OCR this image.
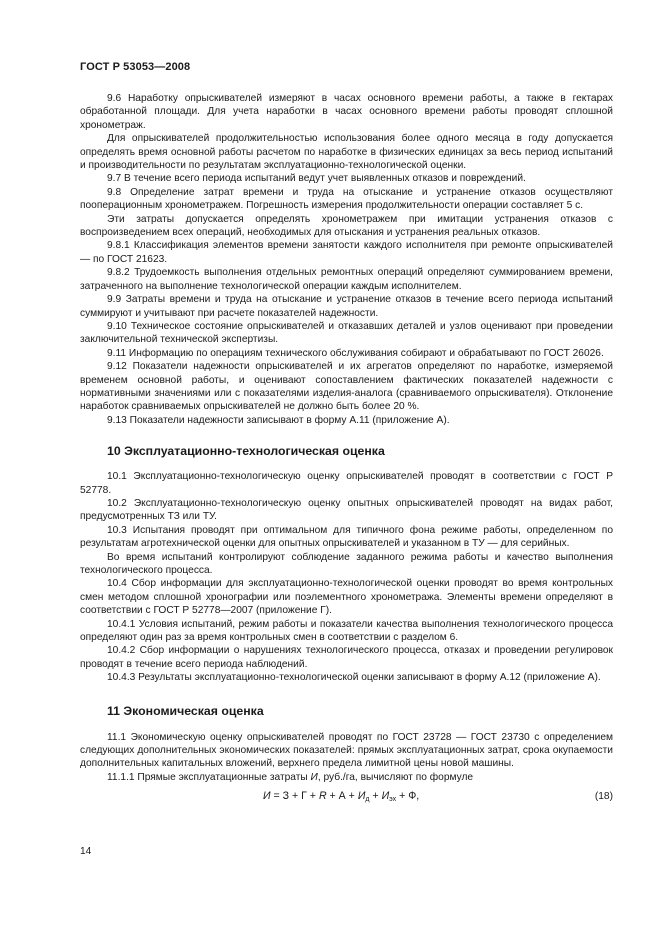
ГОСТ Р 53053—2008

9.6 Наработку опрыскивателей измеряют в часах основного времени работы, а также в гектарах обработанной площади. Для учета наработки в часах основного времени работы проводят сплошной хронометраж.

Для опрыскивателей продолжительностью использования более одного месяца в году допускается определять время основной работы расчетом по наработке в физических единицах за весь период испытаний и производительности по результатам эксплуатационно-технологической оценки.

9.7 В течение всего периода испытаний ведут учет выявленных отказов и повреждений.

9.8 Определение затрат времени и труда на отыскание и устранение отказов осуществляют пооперационным хронометражем. Погрешность измерения продолжительности операции составляет 5 с.

Эти затраты допускается определять хронометражем при имитации устранения отказов с воспроизведением всех операций, необходимых для отыскания и устранения реальных отказов.

9.8.1 Классификация элементов времени занятости каждого исполнителя при ремонте опрыскивателей — по ГОСТ 21623.

9.8.2 Трудоемкость выполнения отдельных ремонтных операций определяют суммированием времени, затраченного на выполнение технологической операции каждым исполнителем.

9.9 Затраты времени и труда на отыскание и устранение отказов в течение всего периода испытаний суммируют и учитывают при расчете показателей надежности.

9.10 Техническое состояние опрыскивателей и отказавших деталей и узлов оценивают при проведении заключительной технической экспертизы.

9.11 Информацию по операциям технического обслуживания собирают и обрабатывают по ГОСТ 26026.

9.12 Показатели надежности опрыскивателей и их агрегатов определяют по наработке, измеряемой временем основной работы, и оценивают сопоставлением фактических показателей надежности с нормативными значениями или с показателями изделия-аналога (сравниваемого опрыскивателя). Отклонение наработок сравниваемых опрыскивателей не должно быть более 20 %.

9.13 Показатели надежности записывают в форму А.11 (приложение А).

10 Эксплуатационно-технологическая оценка

10.1 Эксплуатационно-технологическую оценку опрыскивателей проводят в соответствии с ГОСТ Р 52778.

10.2 Эксплуатационно-технологическую оценку опытных опрыскивателей проводят на видах работ, предусмотренных ТЗ или ТУ.

10.3 Испытания проводят при оптимальном для типичного фона режиме работы, определенном по результатам агротехнической оценки для опытных опрыскивателей и указанном в ТУ — для серийных.

Во время испытаний контролируют соблюдение заданного режима работы и качество выполнения технологического процесса.

10.4 Сбор информации для эксплуатационно-технологической оценки проводят во время контрольных смен методом сплошной хронографии или поэлементного хронометража. Элементы времени определяют в соответствии с ГОСТ Р 52778—2007 (приложение Г).

10.4.1 Условия испытаний, режим работы и показатели качества выполнения технологического процесса определяют один раз за время контрольных смен в соответствии с разделом 6.

10.4.2 Сбор информации о нарушениях технологического процесса, отказах и проведении регулировок проводят в течение всего периода наблюдений.

10.4.3 Результаты эксплуатационно-технологической оценки записывают в форму А.12 (приложение А).

11 Экономическая оценка

11.1 Экономическую оценку опрыскивателей проводят по ГОСТ 23728 — ГОСТ 23730 с определением следующих дополнительных экономических показателей: прямых эксплуатационных затрат, срока окупаемости дополнительных капитальных вложений, верхнего предела лимитной цены новой машины.

11.1.1 Прямые эксплуатационные затраты И, руб./га, вычисляют по формуле

$И = З + Г + R + А + И_д + И_{эх} + Ф$,	(18)
14
